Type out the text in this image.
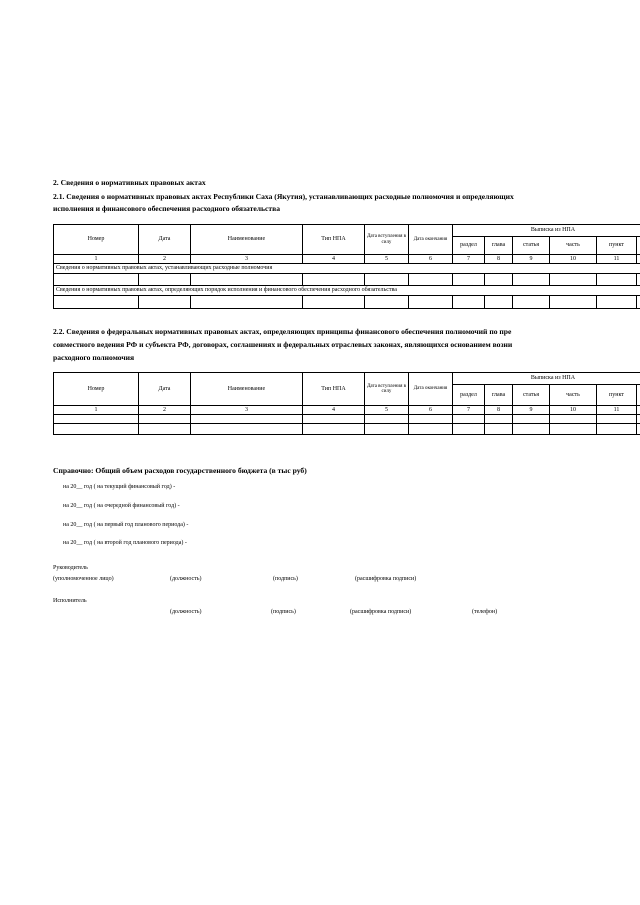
2. Сведения о нормативных правовых актах
2.1. Сведения о нормативных правовых актах Республики Саха (Якутия), устанавливающих расходные полномочия и определяющих
исполнения и финансового обеспечения расходного обязательства
Номер	Дата	Наименование	Тип НПА	Дата вступления в силу	Дата окончания	Выписка из НПА					
						раздел	глава	статья	часть	пункт	
1	2	3	4	5	6	7	8	9	10	11	
Сведения о нормативных правовых актах, устанавливающих расходные полномочия											

Сведения о нормативных правовых актах, определяющих порядок исполнения и финансового обеспечения расходного обязательства											

2.2. Сведения о федеральных нормативных правовых актах, определяющих принципы финансового обеспечения полномочий по пре
совместного ведения РФ и субъекта РФ, договорах, соглашениях и федеральных отраслевых законах, являющихся основанием возни
расходного полномочия
Номер	Дата	Наименование	Тип НПА	Дата вступления в силу	Дата окончания	Выписка из НПА					
						раздел	глава	статья	часть	пункт	
1	2	3	4	5	6	7	8	9	10	11	

Справочно: Общий объем расходов государственного бюджета (в тыс руб)
на 20__ год ( на текущий финансовый год) -
на 20__ год ( на очередной финансовый год) -
на 20__ год ( на первый год планового периода) -
на 20__ год ( на второй год планового периода) -
Руководитель
(уполномоченное лицо)	(должность)	(подпись)	(расшифровка подписи)
Исполнитель
(должность)	(подпись)	(расшифровка подписи)	(телефон)
